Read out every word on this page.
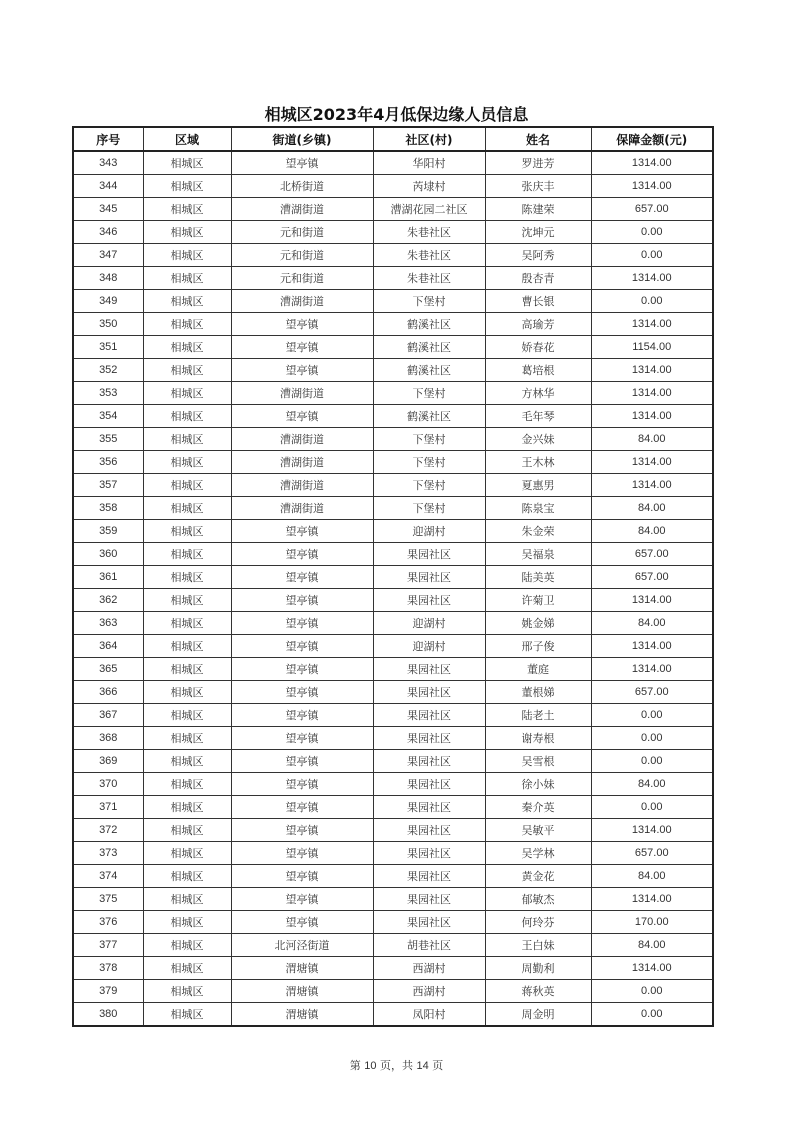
相城区2023年4月低保边缘人员信息
序号	区域	街道(乡镇)	社区(村)	姓名	保障金额(元)
343	相城区	望亭镇	华阳村	罗进芳	1314.00
344	相城区	北桥街道	芮埭村	张庆丰	1314.00
345	相城区	漕湖街道	漕湖花园二社区	陈建荣	657.00
346	相城区	元和街道	朱巷社区	沈坤元	0.00
347	相城区	元和街道	朱巷社区	吴阿秀	0.00
348	相城区	元和街道	朱巷社区	殷杏青	1314.00
349	相城区	漕湖街道	下堡村	曹长银	0.00
350	相城区	望亭镇	鹤溪社区	高瑜芳	1314.00
351	相城区	望亭镇	鹤溪社区	娇春花	1154.00
352	相城区	望亭镇	鹤溪社区	葛培根	1314.00
353	相城区	漕湖街道	下堡村	方林华	1314.00
354	相城区	望亭镇	鹤溪社区	毛年琴	1314.00
355	相城区	漕湖街道	下堡村	金兴妹	84.00
356	相城区	漕湖街道	下堡村	王木林	1314.00
357	相城区	漕湖街道	下堡村	夏惠男	1314.00
358	相城区	漕湖街道	下堡村	陈泉宝	84.00
359	相城区	望亭镇	迎湖村	朱金荣	84.00
360	相城区	望亭镇	果园社区	吴福泉	657.00
361	相城区	望亭镇	果园社区	陆美英	657.00
362	相城区	望亭镇	果园社区	许菊卫	1314.00
363	相城区	望亭镇	迎湖村	姚金娣	84.00
364	相城区	望亭镇	迎湖村	邢子俊	1314.00
365	相城区	望亭镇	果园社区	董庭	1314.00
366	相城区	望亭镇	果园社区	董根娣	657.00
367	相城区	望亭镇	果园社区	陆老土	0.00
368	相城区	望亭镇	果园社区	谢寿根	0.00
369	相城区	望亭镇	果园社区	吴雪根	0.00
370	相城区	望亭镇	果园社区	徐小妹	84.00
371	相城区	望亭镇	果园社区	秦介英	0.00
372	相城区	望亭镇	果园社区	吴敏平	1314.00
373	相城区	望亭镇	果园社区	吴学林	657.00
374	相城区	望亭镇	果园社区	黄金花	84.00
375	相城区	望亭镇	果园社区	郁敏杰	1314.00
376	相城区	望亭镇	果园社区	何玲芬	170.00
377	相城区	北河泾街道	胡巷社区	王白妹	84.00
378	相城区	渭塘镇	西湖村	周勤利	1314.00
379	相城区	渭塘镇	西湖村	蒋秋英	0.00
380	相城区	渭塘镇	凤阳村	周金明	0.00
第 10 页，共 14 页
